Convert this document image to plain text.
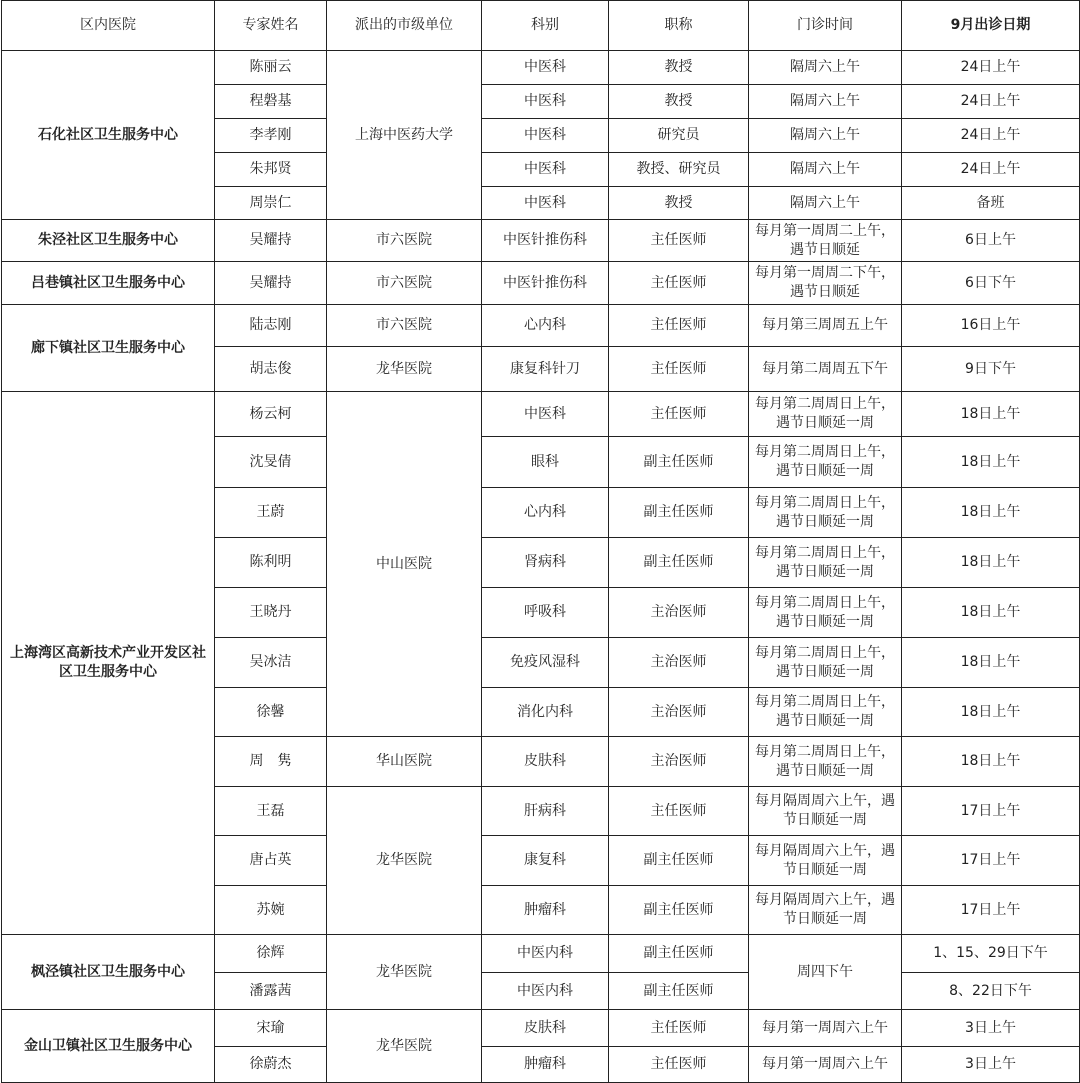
区内医院	专家姓名	派出的市级单位	科别	职称	门诊时间	9月出诊日期
石化社区卫生服务中心	陈丽云	上海中医药大学	中医科	教授	隔周六上午	24日上午
	程磐基		中医科	教授	隔周六上午	24日上午
	李孝刚		中医科	研究员	隔周六上午	24日上午
	朱邦贤		中医科	教授、研究员	隔周六上午	24日上午
	周崇仁		中医科	教授	隔周六上午	备班
朱泾社区卫生服务中心	吴耀持	市六医院	中医针推伤科	主任医师	每月第一周周二上午，遇节日顺延	6日上午
吕巷镇社区卫生服务中心	吴耀持	市六医院	中医针推伤科	主任医师	每月第一周周二下午，遇节日顺延	6日下午
廊下镇社区卫生服务中心	陆志刚	市六医院	心内科	主任医师	每月第三周周五上午	16日上午
	胡志俊	龙华医院	康复科针刀	主任医师	每月第二周周五下午	9日下午
上海湾区高新技术产业开发区社区卫生服务中心	杨云柯	中山医院	中医科	主任医师	每月第二周周日上午，遇节日顺延一周	18日上午
	沈旻倩		眼科	副主任医师	每月第二周周日上午，遇节日顺延一周	18日上午
	王蔚		心内科	副主任医师	每月第二周周日上午，遇节日顺延一周	18日上午
	陈利明		肾病科	副主任医师	每月第二周周日上午，遇节日顺延一周	18日上午
	王晓丹		呼吸科	主治医师	每月第二周周日上午，遇节日顺延一周	18日上午
	吴冰洁		免疫风湿科	主治医师	每月第二周周日上午，遇节日顺延一周	18日上午
	徐馨		消化内科	主治医师	每月第二周周日上午，遇节日顺延一周	18日上午
	周　隽	华山医院	皮肤科	主治医师	每月第二周周日上午，遇节日顺延一周	18日上午
	王磊	龙华医院	肝病科	主任医师	每月隔周周六上午，遇节日顺延一周	17日上午
	唐占英		康复科	副主任医师	每月隔周周六上午，遇节日顺延一周	17日上午
	苏婉		肿瘤科	副主任医师	每月隔周周六上午，遇节日顺延一周	17日上午
枫泾镇社区卫生服务中心	徐辉	龙华医院	中医内科	副主任医师	周四下午	1、15、29日下午
	潘露茜		中医内科	副主任医师		8、22日下午
金山卫镇社区卫生服务中心	宋瑜	龙华医院	皮肤科	主任医师	每月第一周周六上午	3日上午
	徐蔚杰		肿瘤科	主任医师	每月第一周周六上午	3日上午
